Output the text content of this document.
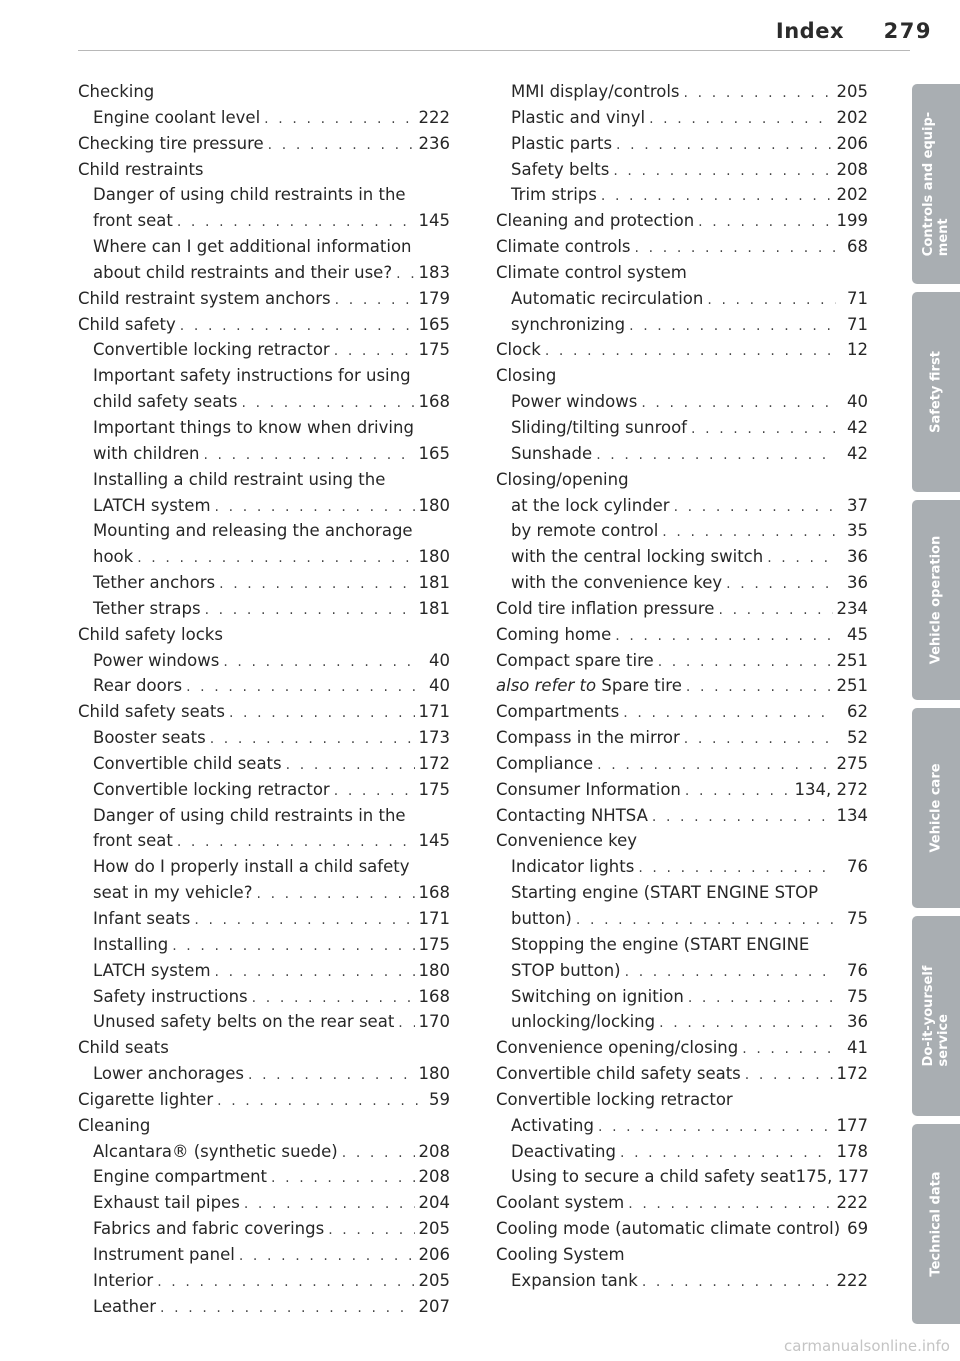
Index 279
Checking
Engine coolant level . . .	222
Checking tire pressure . . .	236
Child restraints
Danger of using child restraints in the
front seat . . .	145
Where can I get additional information
about child restraints and their use? . . . 183
Child restraint system anchors . . .	179
Child safety . . .	165
Convertible locking retractor . . .	175
Important safety instructions for using
child safety seats . . .	168
Important things to know when driving
with children . . .	165
Installing a child restraint using the
LATCH system . . .	180
Mounting and releasing the anchorage
hook . . .	180
Tether anchors . . .	181
Tether straps . . .	181
Child safety locks
Power windows . . .	40
Rear doors . . .	40
Child safety seats . . .	171
Booster seats . . .	173
Convertible child seats . . .	172
Convertible locking retractor . . .	175
Danger of using child restraints in the
front seat . . .	145
How do I properly install a child safety
seat in my vehicle? . . .	168
Infant seats . . .	171
Installing . . .	175
LATCH system . . .	180
Safety instructions . . .	168
Unused safety belts on the rear seat . . . 170
Child seats
Lower anchorages . . .	180
Cigarette lighter . . .	59
Cleaning
Alcantara® (synthetic suede) . . .	208
Engine compartment . . .	208
Exhaust tail pipes . . .	204
Fabrics and fabric coverings . . .	205
Instrument panel . . .	206
Interior . . .	205
Leather . . .	207
MMI display/controls . . .	205
Plastic and vinyl . . .	202
Plastic parts . . .	206
Safety belts . . .	208
Trim strips . . .	202
Cleaning and protection . . .	199
Climate controls . . .	68
Climate control system
Automatic recirculation . . .	71
synchronizing . . .	71
Clock . . .	12
Closing
Power windows . . .	40
Sliding/tilting sunroof . . .	42
Sunshade . . .	42
Closing/opening
at the lock cylinder . . .	37
by remote control . . .	35
with the central locking switch . . .	36
with the convenience key . . .	36
Cold tire inflation pressure . . .	234
Coming home . . .	45
Compact spare tire . . .	251
also refer to Spare tire . . .	251
Compartments . . .	62
Compass in the mirror . . .	52
Compliance . . .	275
Consumer Information . . .	134, 272
Contacting NHTSA . . .	134
Convenience key
Indicator lights . . .	76
Starting engine (START ENGINE STOP
button) . . .	75
Stopping the engine (START ENGINE
STOP button) . . .	76
Switching on ignition . . .	75
unlocking/locking . . .	36
Convenience opening/closing . . .	41
Convertible child safety seats . . .	172
Convertible locking retractor
Activating . . .	177
Deactivating . . .	178
Using to secure a child safety seat 175, 177
Coolant system . . .	222
Cooling mode (automatic climate control) 69
Cooling System
Expansion tank . . .	222
Controls and equip- ment
Safety first
Vehicle operation
Vehicle care
Do-it-yourself service
Technical data
carmanualsonline.info
